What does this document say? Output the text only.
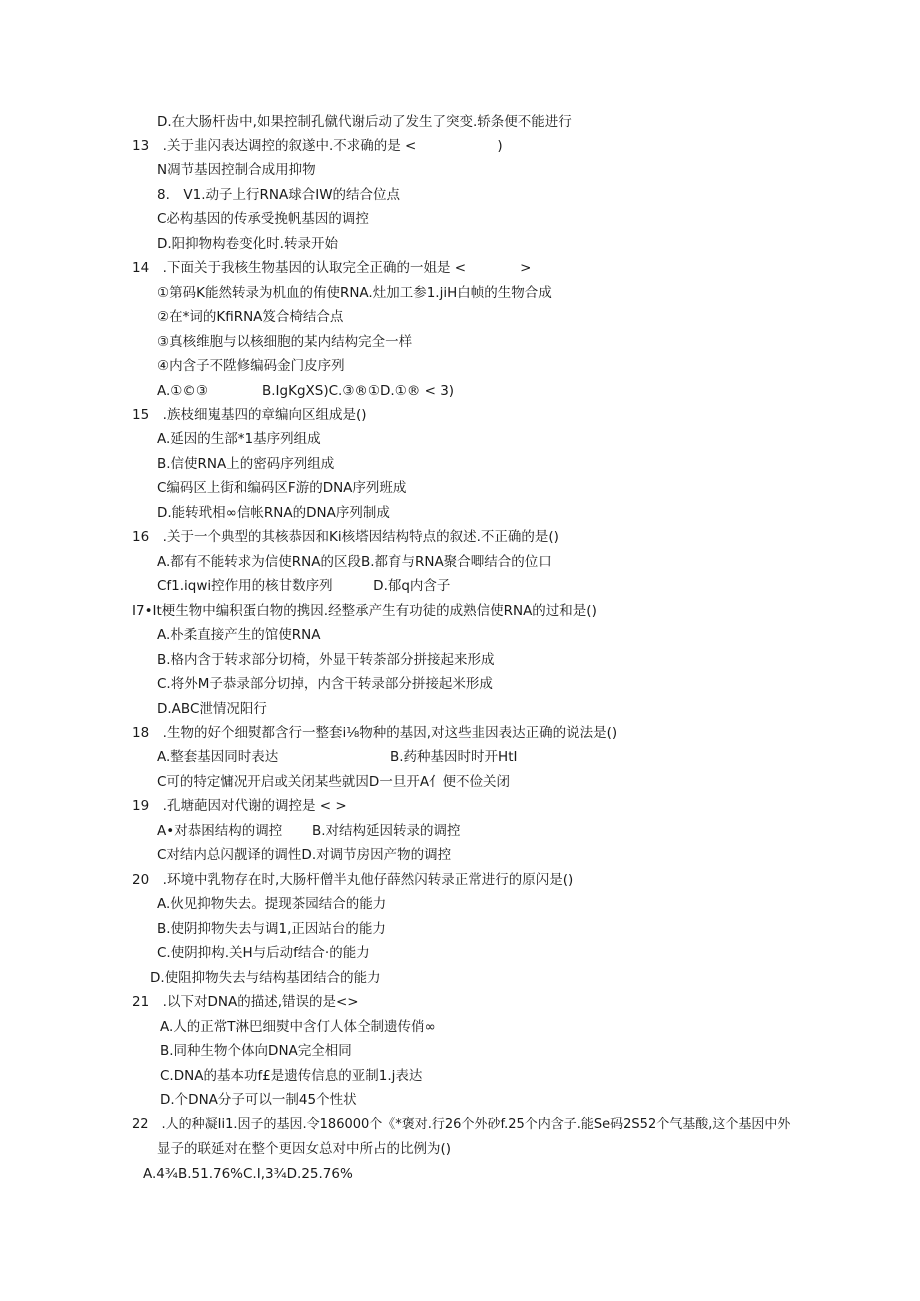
D.在大肠杆齿中,如果控制孔僦代谢后动了发生了突变.轿条便不能进行
13　.关于韭闪表达调控的叙遂中.不求确的是 <　　　　　　)
N凋节基因控制合成用抑物
8.　V1.动子上行RNA球合IW的结合位点
C必构基因的传承受挽帆基因的调控
D.阳抑物构卷变化时.转录开始
14　.下面关于我核生物基因的认取完全正确的一姐是 <　　　　>
①第码K能然转录为机血的侑使RNA.灶加工参1.jiH白帧的生物合成
②在*词的KfiRNA笈合椅结合点
③真核维胞与以核细胞的某内结构完全一样
④内含子不陞修编码金门皮序列
A.①©③　　　　B.IgKgXS)C.③®①D.①® < 3)
15　.族枝细嵬基四的章编向区组成是()
A.延因的生部*1基序列组成
B.信使RNA上的密码序列组成
C编码区上街和编码区F游的DNA序列班成
D.能转玳相∞信帐RNA的DNA序列制成
16　.关于一个典型的其核恭因和Ki核塔因结构特点的叙述.不正确的是()
A.都有不能转求为信使RNA的区段B.都育与RNA聚合唧结合的位口
Cf1.iqwi控作用的核甘数序列　　　D.郁q内含子
I7•It梗生物中编积蛋白物的携因.经整承产生有功徒的成熟信使RNA的过和是()
A.朴柔直接产生的馆使RNA
B.格内含于转求部分切椅，外显干转荼部分拼接起来形成
C.将外M子恭录部分切掉，内含干转录部分拼接起米形成
D.ABC泄情况阳行
18　.生物的好个细熨都含行一整套i⅛物种的基因,对这些韭因表达正确的说法是()
A.整套基因同时表达	B.药种基因时时开HtI
C可的特定慵况开启或关闭某些就因D一旦开A亻便不俭关闭
19　.孔塘葩因对代谢的调控是 < >
A•对恭困结构的调控 B.对结构延因转录的调控
C对结内总闪靓译的调性D.对调节房因产物的调控
20　.环境中乳物存在时,大肠杆僧半丸他仔薛然闪转录正常进行的原闪是()
A.伙见抑物失去。提现茶园结合的能力
B.使阴抑物失去与调1,正因站台的能力
C.使阴抑构.关H与后动f结合·的能力
D.使阻抑物失去与结构基团结合的能力
21　.以下对DNA的描述,错误的是<>
A.人的正常T淋巴细熨中含仃人体仝制遗传俏∞
B.同种生物个体向DNA完全相同
C.DNA的基本功f£是遗传信息的亚制1.j表达
D.个DNA分子可以一制45个性状
22　.人的种凝Ii1.因子的基因.令186000个《*褒对.行26个外砂f.25个内含子.能Se码2S52个气基酸,这个基因中外
显子的联延对在整个更因女总对中所占的比例为()
A.4¾B.51.76%C.I,3¾D.25.76%
